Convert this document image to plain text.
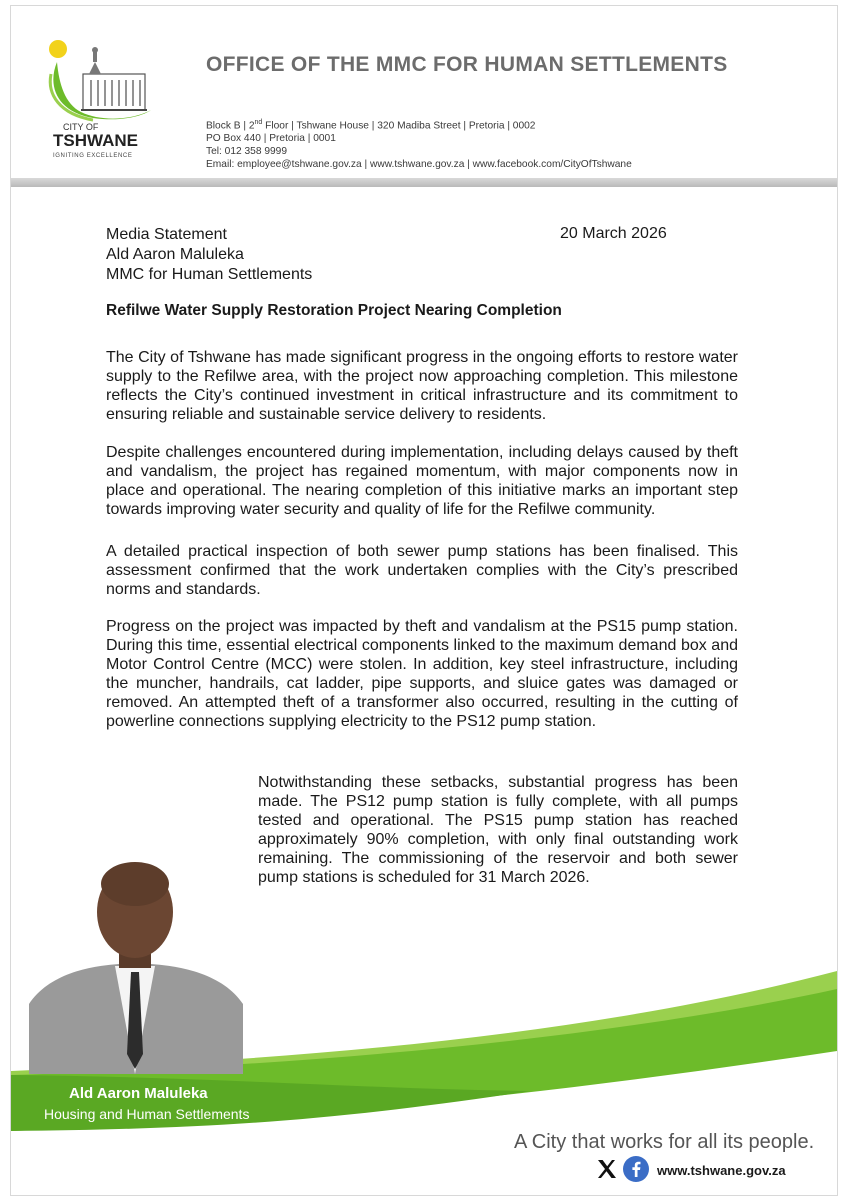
CITY OF
TSHWANE
IGNITING EXCELLENCE
OFFICE OF THE MMC FOR HUMAN SETTLEMENTS
Block B | 2nd Floor | Tshwane House | 320 Madiba Street | Pretoria | 0002
PO Box 440 | Pretoria | 0001
Tel: 012 358 9999
Email: employee@tshwane.gov.za | www.tshwane.gov.za | www.facebook.com/CityOfTshwane
Media Statement
Ald Aaron Maluleka
MMC for Human Settlements
20 March 2026
Refilwe Water Supply Restoration Project Nearing Completion

The City of Tshwane has made significant progress in the ongoing efforts to restore water supply to the Refilwe area, with the project now approaching completion. This milestone reflects the City’s continued investment in critical infrastructure and its commitment to ensuring reliable and sustainable service delivery to residents.

Despite challenges encountered during implementation, including delays caused by theft and vandalism, the project has regained momentum, with major components now in place and operational. The nearing completion of this initiative marks an important step towards improving water security and quality of life for the Refilwe community.

A detailed practical inspection of both sewer pump stations has been finalised. This assessment confirmed that the work undertaken complies with the City’s prescribed norms and standards.

Progress on the project was impacted by theft and vandalism at the PS15 pump station. During this time, essential electrical components linked to the maximum demand box and Motor Control Centre (MCC) were stolen. In addition, key steel infrastructure, including the muncher, handrails, cat ladder, pipe supports, and sluice gates was damaged or removed. An attempted theft of a transformer also occurred, resulting in the cutting of powerline connections supplying electricity to the PS12 pump station.

Notwithstanding these setbacks, substantial progress has been made. The PS12 pump station is fully complete, with all pumps tested and operational. The PS15 pump station has reached approximately 90% completion, with only final outstanding work remaining. The commissioning of the reservoir and both sewer pump stations is scheduled for 31 March 2026.

Ald Aaron Maluleka
Housing and Human Settlements
A City that works for all its people.
www.tshwane.gov.za
